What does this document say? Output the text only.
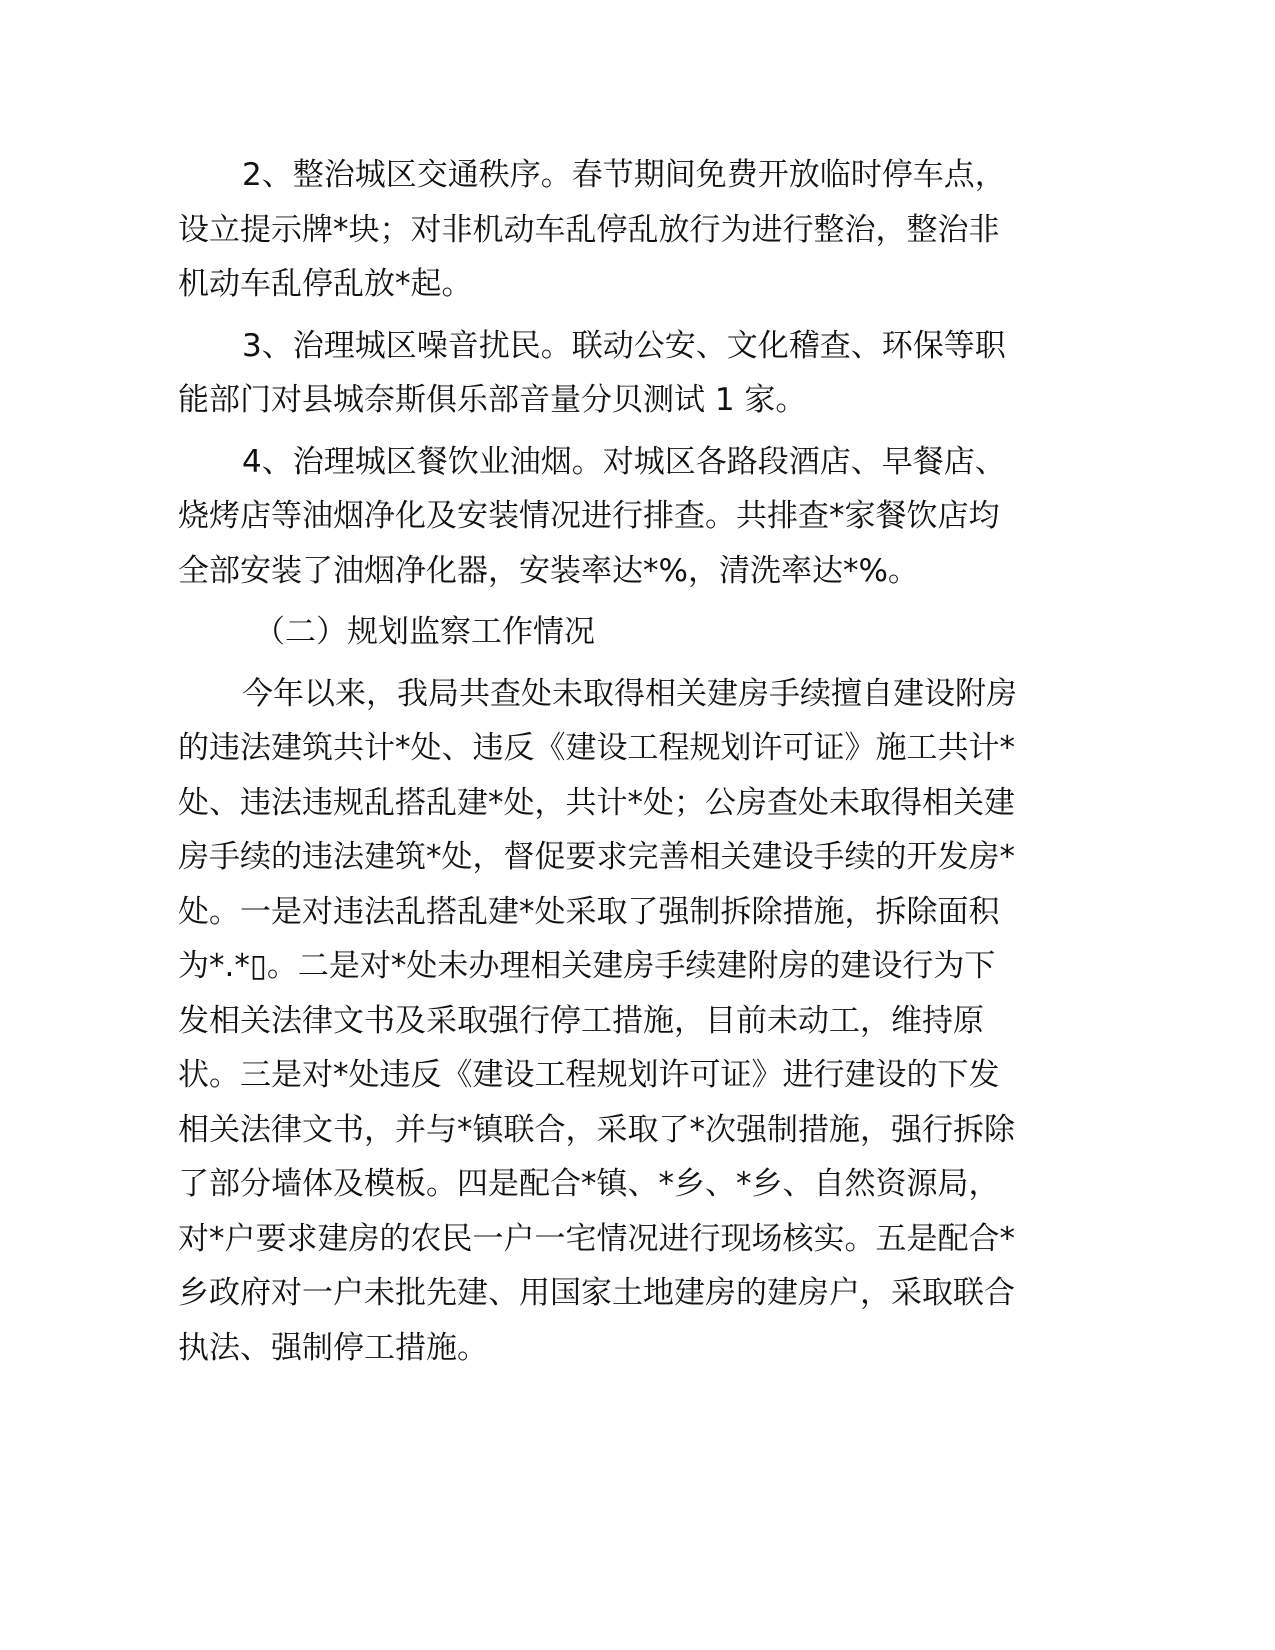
2、整治城区交通秩序。春节期间免费开放临时停车点，
设立提示牌*块；对非机动车乱停乱放行为进行整治，整治非
机动车乱停乱放*起。

3、治理城区噪音扰民。联动公安、文化稽查、环保等职
能部门对县城奈斯俱乐部音量分贝测试 1 家。

4、治理城区餐饮业油烟。对城区各路段酒店、早餐店、
烧烤店等油烟净化及安装情况进行排查。共排查*家餐饮店均
全部安装了油烟净化器，安装率达*%，清洗率达*%。

（二）规划监察工作情况

今年以来，我局共查处未取得相关建房手续擅自建设附房
的违法建筑共计*处、违反《建设工程规划许可证》施工共计*
处、违法违规乱搭乱建*处，共计*处；公房查处未取得相关建
房手续的违法建筑*处，督促要求完善相关建设手续的开发房*
处。一是对违法乱搭乱建*处采取了强制拆除措施，拆除面积
为*.*▯。二是对*处未办理相关建房手续建附房的建设行为下
发相关法律文书及采取强行停工措施，目前未动工，维持原
状。三是对*处违反《建设工程规划许可证》进行建设的下发
相关法律文书，并与*镇联合，采取了*次强制措施，强行拆除
了部分墙体及模板。四是配合*镇、*乡、*乡、自然资源局，
对*户要求建房的农民一户一宅情况进行现场核实。五是配合*
乡政府对一户未批先建、用国家土地建房的建房户，采取联合
执法、强制停工措施。
